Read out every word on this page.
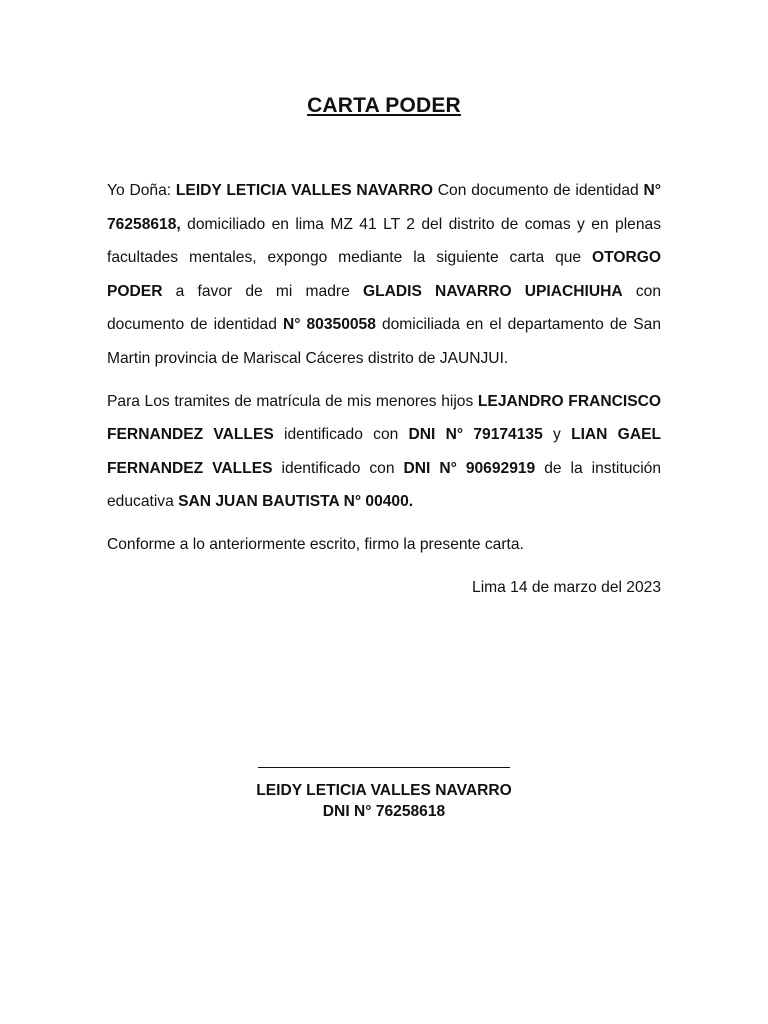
CARTA PODER

Yo Doña: LEIDY LETICIA VALLES NAVARRO Con documento de identidad N° 76258618, domiciliado en lima MZ 41 LT 2 del distrito de comas y en plenas facultades mentales, expongo mediante la siguiente carta que OTORGO PODER a favor de mi madre GLADIS NAVARRO UPIACHIUHA con documento de identidad N° 80350058 domiciliada en el departamento de San Martin provincia de Mariscal Cáceres distrito de JAUNJUI.

Para Los tramites de matrícula de mis menores hijos LEJANDRO FRANCISCO FERNANDEZ VALLES identificado con DNI N° 79174135 y LIAN GAEL FERNANDEZ VALLES identificado con DNI N° 90692919 de la institución educativa SAN JUAN BAUTISTA N° 00400.

Conforme a lo anteriormente escrito, firmo la presente carta.

Lima 14 de marzo del 2023

LEIDY LETICIA VALLES NAVARRO
DNI N° 76258618
